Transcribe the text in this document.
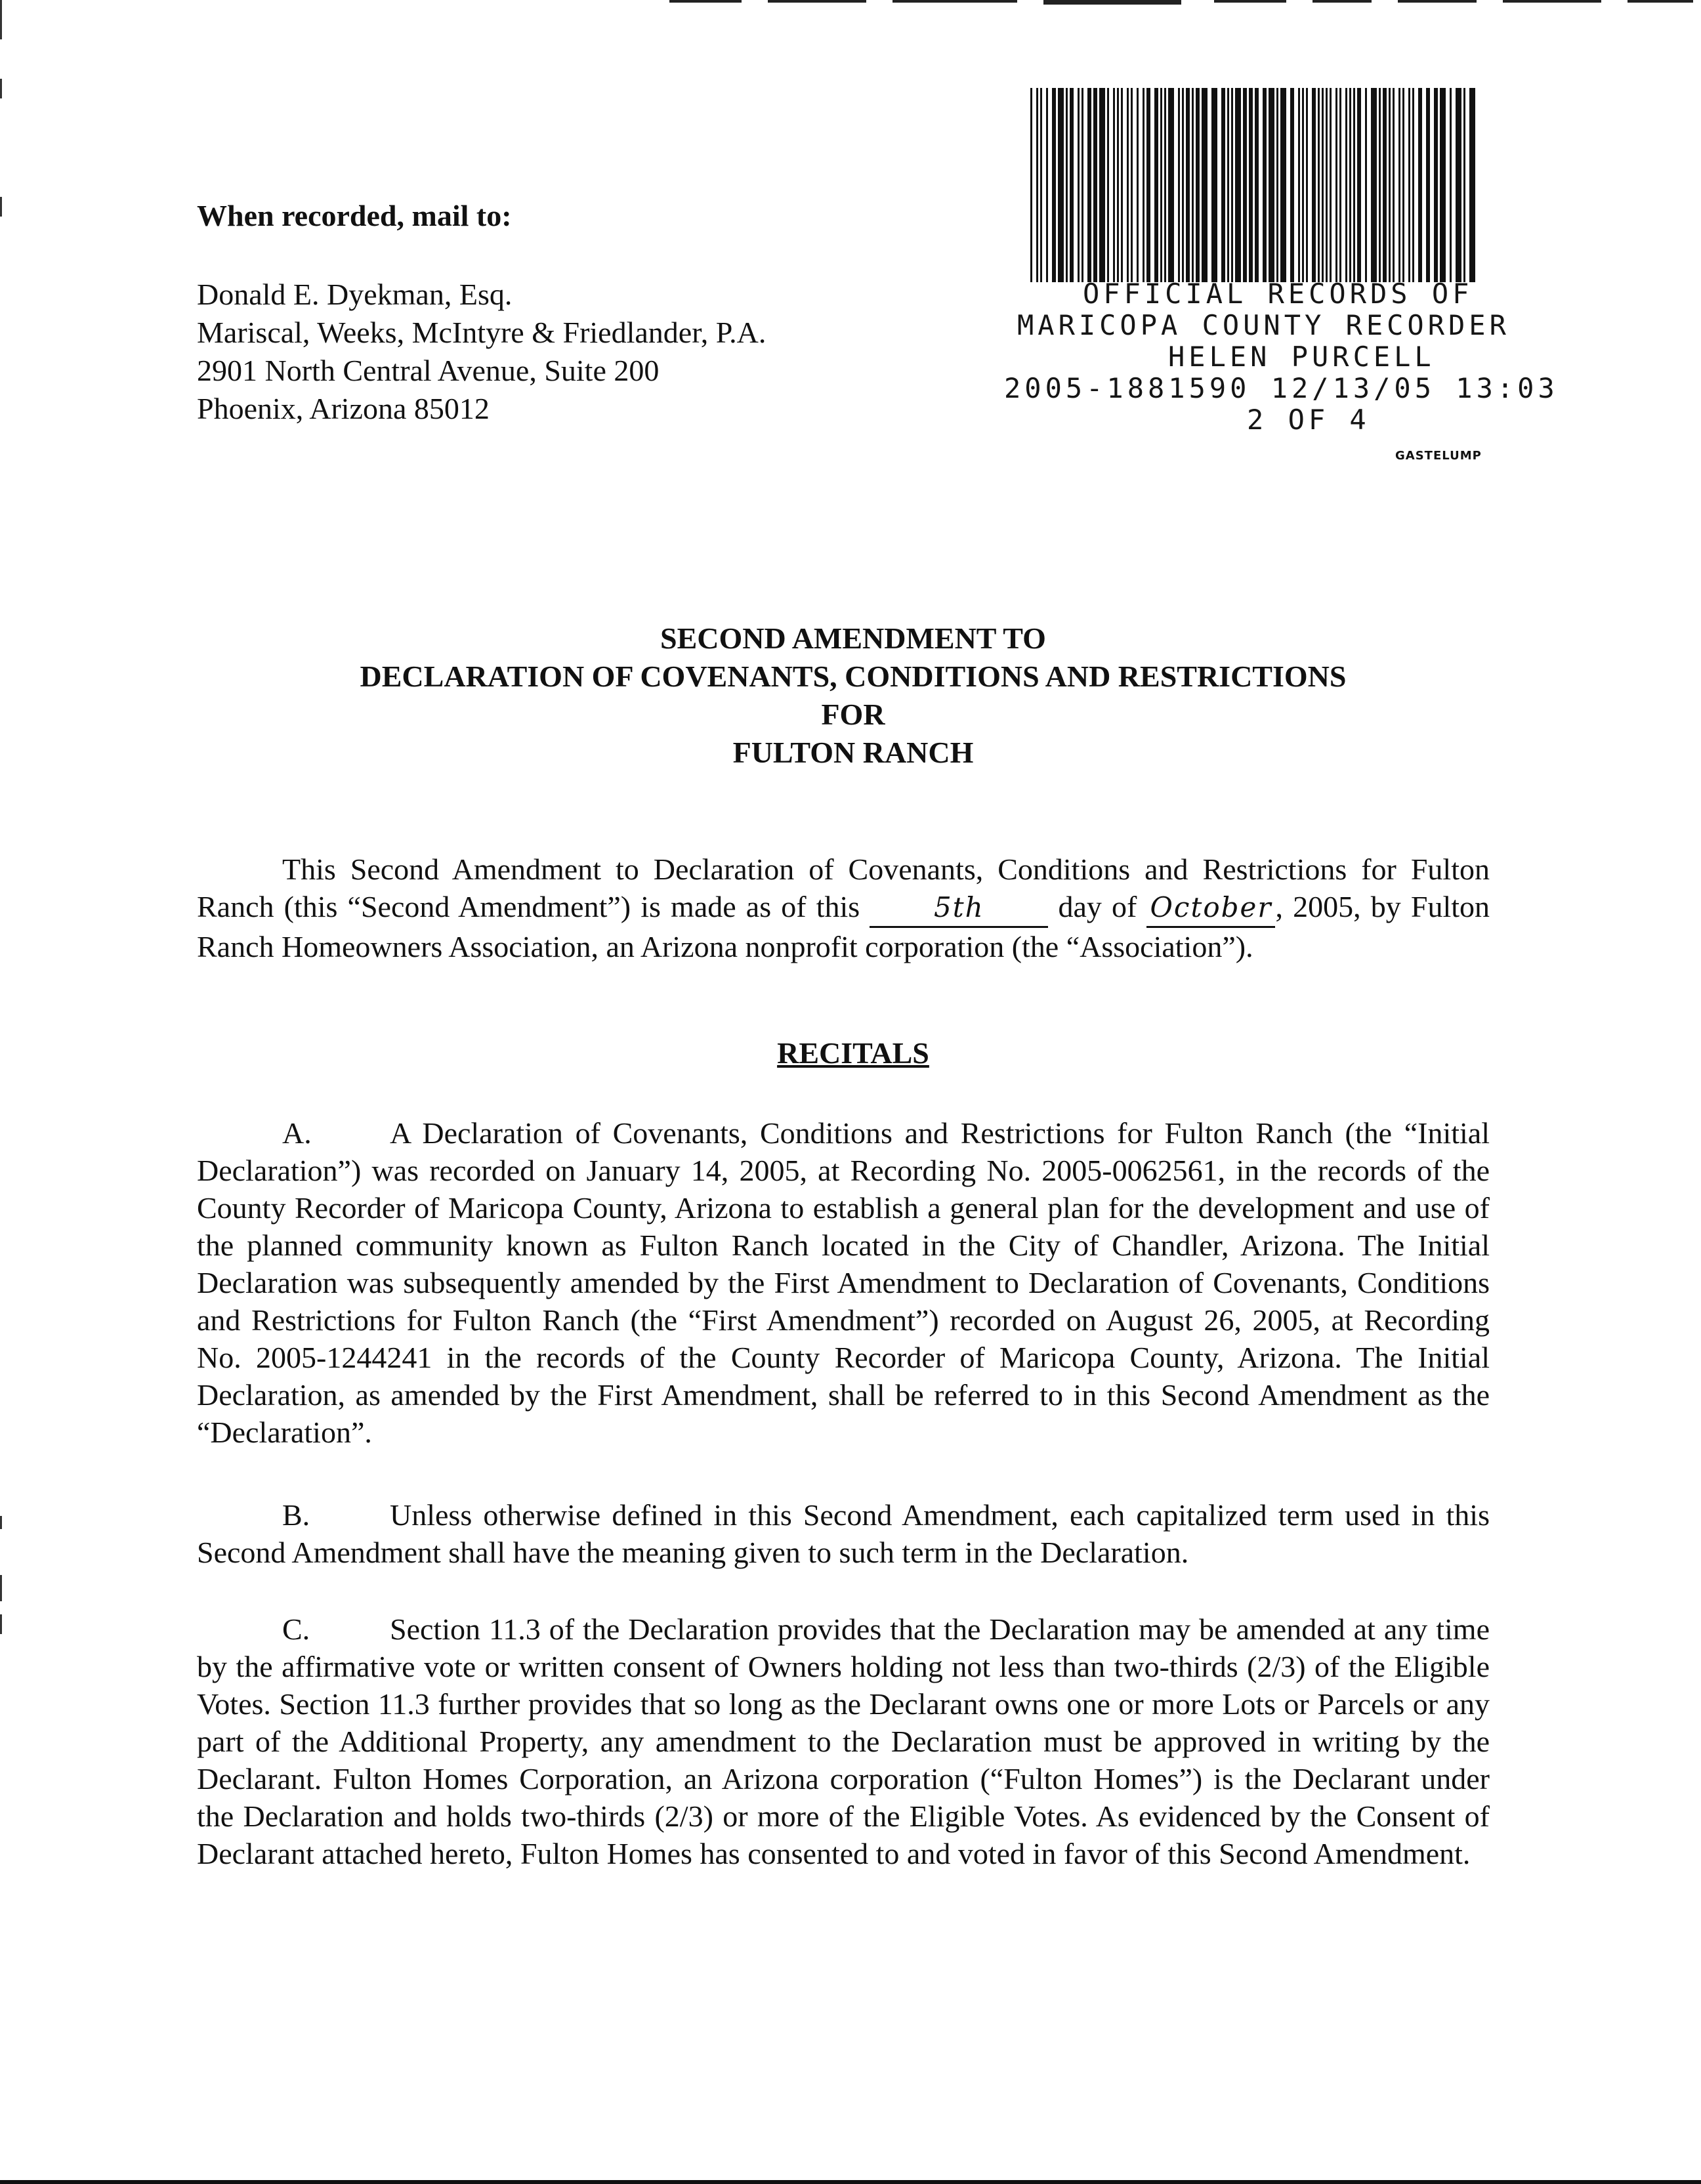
When recorded, mail to:
Donald E. Dyekman, Esq.
Mariscal, Weeks, McIntyre & Friedlander, P.A.
2901 North Central Avenue, Suite 200
Phoenix, Arizona 85012
OFFICIAL RECORDS OF
MARICOPA COUNTY RECORDER
HELEN PURCELL
2005-1881590 12/13/05 13:03
2 OF 4
GASTELUMP
SECOND AMENDMENT TO
DECLARATION OF COVENANTS, CONDITIONS AND RESTRICTIONS
FOR
FULTON RANCH
This Second Amendment to Declaration of Covenants, Conditions and Restrictions for Fulton Ranch (this “Second Amendment”) is made as of this	5th day of October , 2005, by Fulton Ranch Homeowners Association, an Arizona nonprofit corporation (the “Association”).
RECITALS
A.	A Declaration of Covenants, Conditions and Restrictions for Fulton Ranch (the “Initial Declaration”) was recorded on January 14, 2005, at Recording No. 2005-0062561, in the records of the County Recorder of Maricopa County, Arizona to establish a general plan for the development and use of the planned community known as Fulton Ranch located in the City of Chandler, Arizona. The Initial Declaration was subsequently amended by the First Amendment to Declaration of Covenants, Conditions and Restrictions for Fulton Ranch (the “First Amendment”) recorded on August 26, 2005, at Recording No. 2005-1244241 in the records of the County Recorder of Maricopa County, Arizona. The Initial Declaration, as amended by the First Amendment, shall be referred to in this Second Amendment as the “Declaration”.
B.	Unless otherwise defined in this Second Amendment, each capitalized term used in this Second Amendment shall have the meaning given to such term in the Declaration.
C.	Section 11.3 of the Declaration provides that the Declaration may be amended at any time by the affirmative vote or written consent of Owners holding not less than two-thirds (2/3) of the Eligible Votes. Section 11.3 further provides that so long as the Declarant owns one or more Lots or Parcels or any part of the Additional Property, any amendment to the Declaration must be approved in writing by the Declarant. Fulton Homes Corporation, an Arizona corporation (“Fulton Homes”) is the Declarant under the Declaration and holds two-thirds (2/3) or more of the Eligible Votes. As evidenced by the Consent of Declarant attached hereto, Fulton Homes has consented to and voted in favor of this Second Amendment.
